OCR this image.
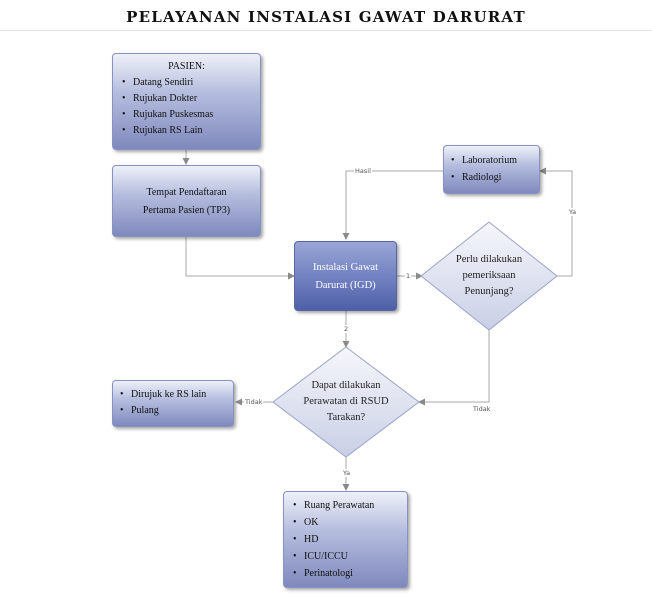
PELAYANAN INSTALASI GAWAT DARURAT
PASIEN:
• Datang Sendiri
• Rujukan Dokter
• Rujukan Puskesmas
• Rujukan RS Lain
Tempat Pendaftaran
Pertama Pasien (TP3)
• Laboratorium
• Radiologi
Instalasi Gawat
Darurat (IGD)
Perlu dilakukan
pemeriksaan
Penunjang?
Dapat dilakukan
Perawatan di RSUD
Tarakan?
• Dirujuk ke RS lain
• Pulang
• Ruang Perawatan
• OK
• HD
• ICU/ICCU
• Perinatologi
Hasil
Ya
1
2
Tidak
Tidak
Ya
